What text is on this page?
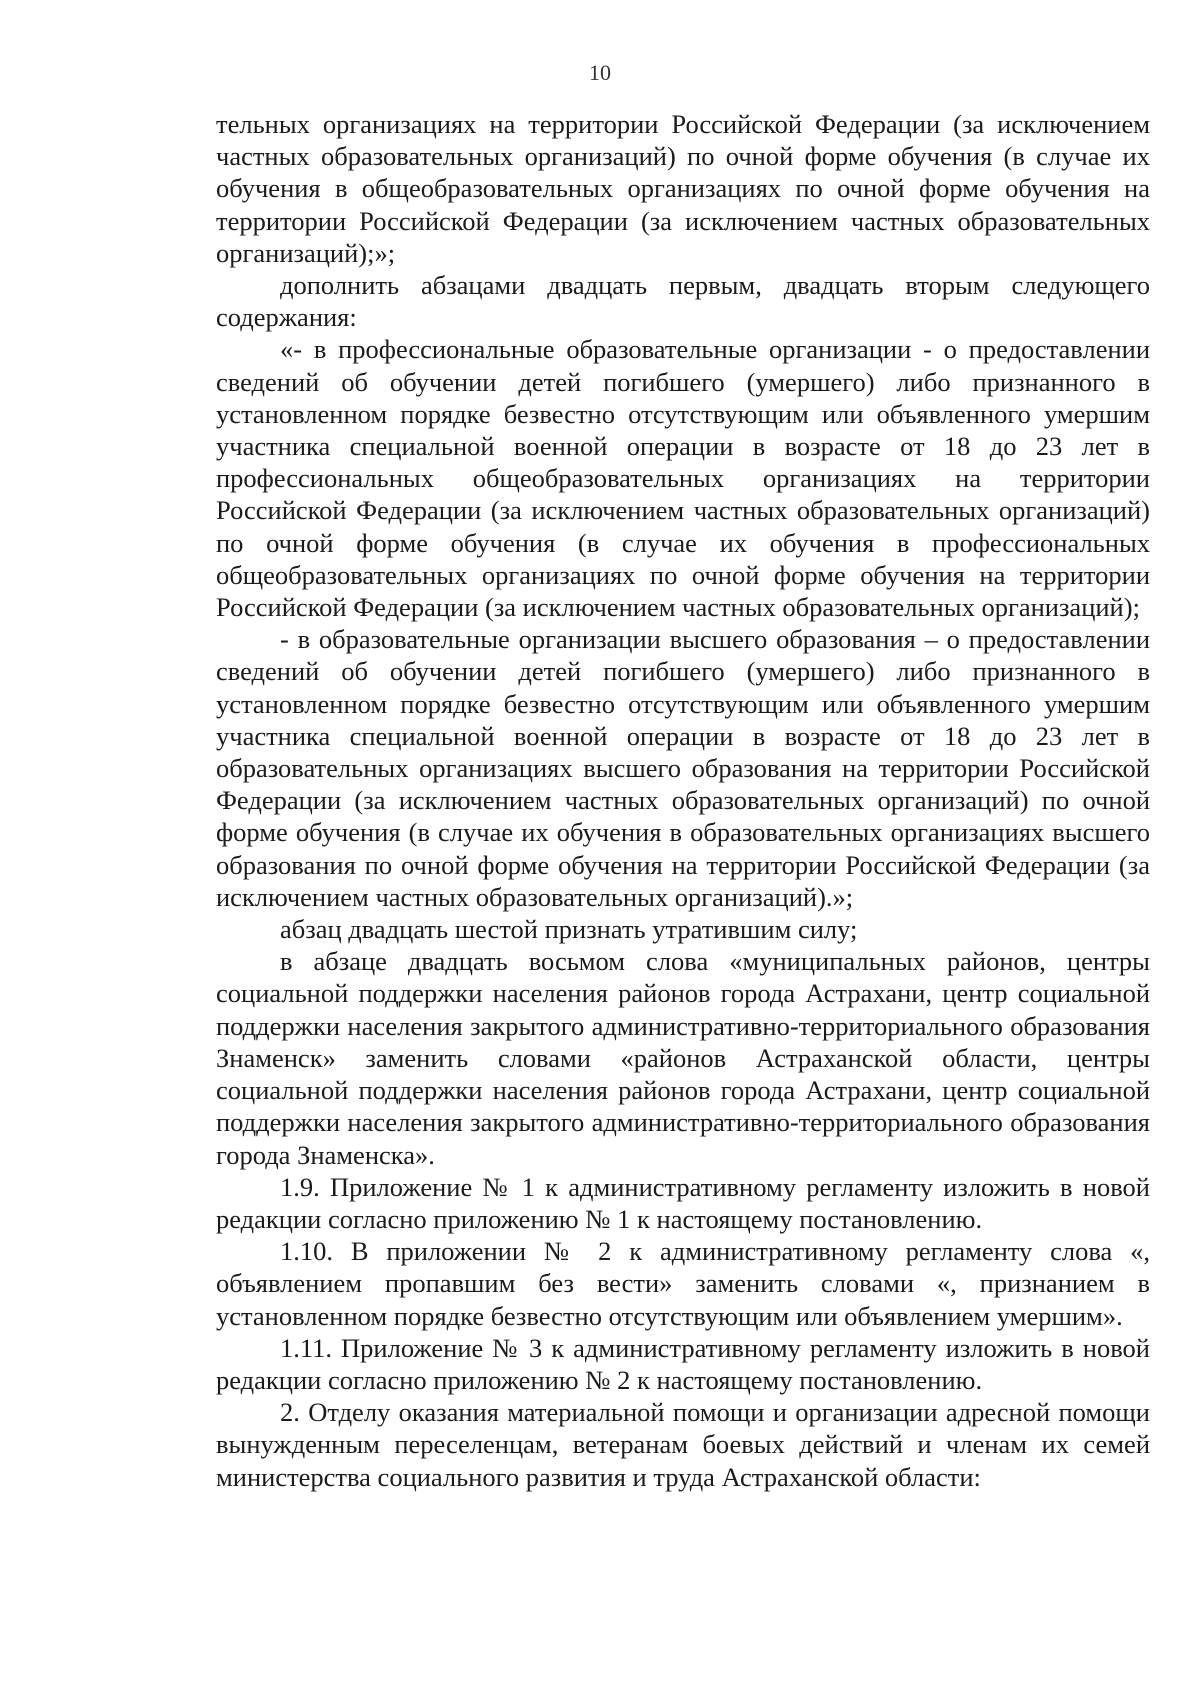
10

тельных организациях на территории Российской Федерации (за исключением частных образовательных организаций) по очной форме обучения (в случае их обучения в общеобразовательных организациях по очной форме обучения на территории Российской Федерации (за исключением частных образовательных организаций);»;

дополнить абзацами двадцать первым, двадцать вторым следующего содержания:

«- в профессиональные образовательные организации - о предоставлении сведений об обучении детей погибшего (умершего) либо признанного в установленном порядке безвестно отсутствующим или объявленного умершим участника специальной военной операции в возрасте от 18 до 23 лет в профессиональных общеобразовательных организациях на территории Российской Федерации (за исключением частных образовательных организаций) по очной форме обучения (в случае их обучения в профессиональных общеобразовательных организациях по очной форме обучения на территории Российской Федерации (за исключением частных образовательных организаций);

- в образовательные организации высшего образования – о предоставлении сведений об обучении детей погибшего (умершего) либо признанного в установленном порядке безвестно отсутствующим или объявленного умершим участника специальной военной операции в возрасте от 18 до 23 лет в образовательных организациях высшего образования на территории Российской Федерации (за исключением частных образовательных организаций) по очной форме обучения (в случае их обучения в образовательных организациях высшего образования по очной форме обучения на территории Российской Федерации (за исключением частных образовательных организаций).»;

абзац двадцать шестой признать утратившим силу;

в абзаце двадцать восьмом слова «муниципальных районов, центры социальной поддержки населения районов города Астрахани, центр социальной поддержки населения закрытого административно-территориального образования Знаменск» заменить словами «районов Астраханской области, центры социальной поддержки населения районов города Астрахани, центр социальной поддержки населения закрытого административно-территориального образования города Знаменска».

1.9. Приложение № 1 к административному регламенту изложить в новой редакции согласно приложению № 1 к настоящему постановлению.

1.10. В приложении № 2 к административному регламенту слова «, объявлением пропавшим без вести» заменить словами «, признанием в установленном порядке безвестно отсутствующим или объявлением умершим».

1.11. Приложение № 3 к административному регламенту изложить в новой редакции согласно приложению № 2 к настоящему постановлению.

2. Отделу оказания материальной помощи и организации адресной помощи вынужденным переселенцам, ветеранам боевых действий и членам их семей министерства социального развития и труда Астраханской области:
